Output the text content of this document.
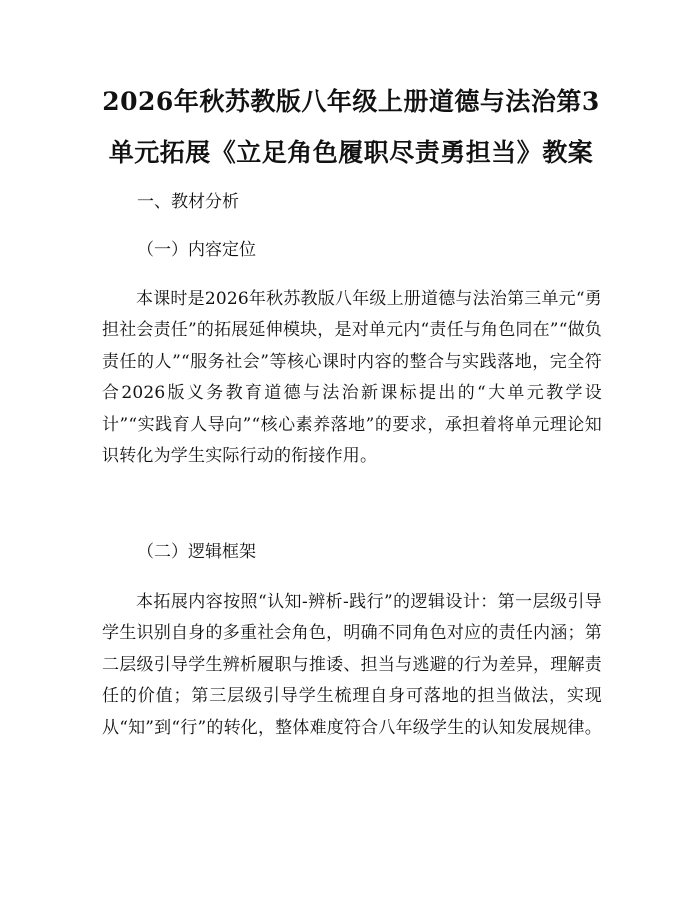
2026年秋苏教版八年级上册道德与法治第3单元拓展《立足角色履职尽责勇担当》教案

一、教材分析

（一）内容定位

本课时是2026年秋苏教版八年级上册道德与法治第三单元“勇担社会责任”的拓展延伸模块，是对单元内“责任与角色同在”“做负责任的人”“服务社会”等核心课时内容的整合与实践落地，完全符合2026版义务教育道德与法治新课标提出的“大单元教学设计”“实践育人导向”“核心素养落地”的要求，承担着将单元理论知识转化为学生实际行动的衔接作用。

（二）逻辑框架

本拓展内容按照“认知-辨析-践行”的逻辑设计：第一层级引导学生识别自身的多重社会角色，明确不同角色对应的责任内涵；第二层级引导学生辨析履职与推诿、担当与逃避的行为差异，理解责任的价值；第三层级引导学生梳理自身可落地的担当做法，实现从“知”到“行”的转化，整体难度符合八年级学生的认知发展规律。
